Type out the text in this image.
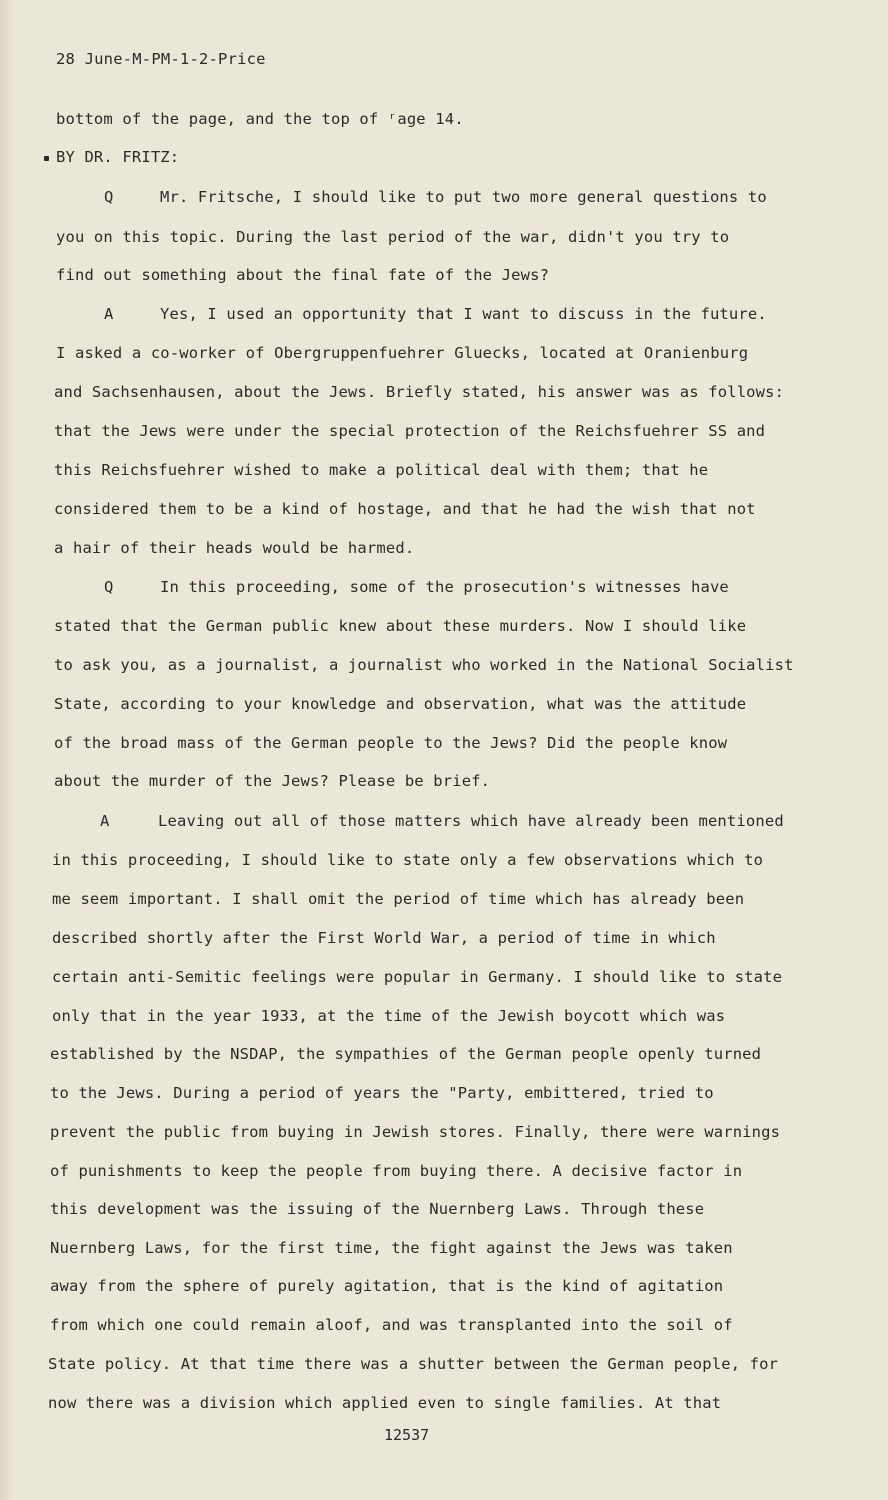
28 June-M-PM-1-2-Price
bottom of the page, and the top of ʳage 14.
BY DR. FRITZ:
Q	Mr. Fritsche, I should like to put two more general questions to
you on this topic. During the last period of the war, didn't you try to
find out something about the final fate of the Jews?
A	Yes, I used an opportunity that I want to discuss in the future.
I asked a co-worker of Obergruppenfuehrer Gluecks, located at Oranienburg
and Sachsenhausen, about the Jews. Briefly stated, his answer was as follows:
that the Jews were under the special protection of the Reichsfuehrer SS and
this Reichsfuehrer wished to make a political deal with them; that he
considered them to be a kind of hostage, and that he had the wish that not
a hair of their heads would be harmed.
Q	In this proceeding, some of the prosecution's witnesses have
stated that the German public knew about these murders. Now I should like
to ask you, as a journalist, a journalist who worked in the National Socialist
State, according to your knowledge and observation, what was the attitude
of the broad mass of the German people to the Jews? Did the people know
about the murder of the Jews? Please be brief.
A	Leaving out all of those matters which have already been mentioned
in this proceeding, I should like to state only a few observations which to
me seem important. I shall omit the period of time which has already been
described shortly after the First World War, a period of time in which
certain anti-Semitic feelings were popular in Germany. I should like to state
only that in the year 1933, at the time of the Jewish boycott which was
established by the NSDAP, the sympathies of the German people openly turned
to the Jews. During a period of years the "Party, embittered, tried to
prevent the public from buying in Jewish stores. Finally, there were warnings
of punishments to keep the people from buying there. A decisive factor in
this development was the issuing of the Nuernberg Laws. Through these
Nuernberg Laws, for the first time, the fight against the Jews was taken
away from the sphere of purely agitation, that is the kind of agitation
from which one could remain aloof, and was transplanted into the soil of
State policy. At that time there was a shutter between the German people, for
now there was a division which applied even to single families. At that
12537
